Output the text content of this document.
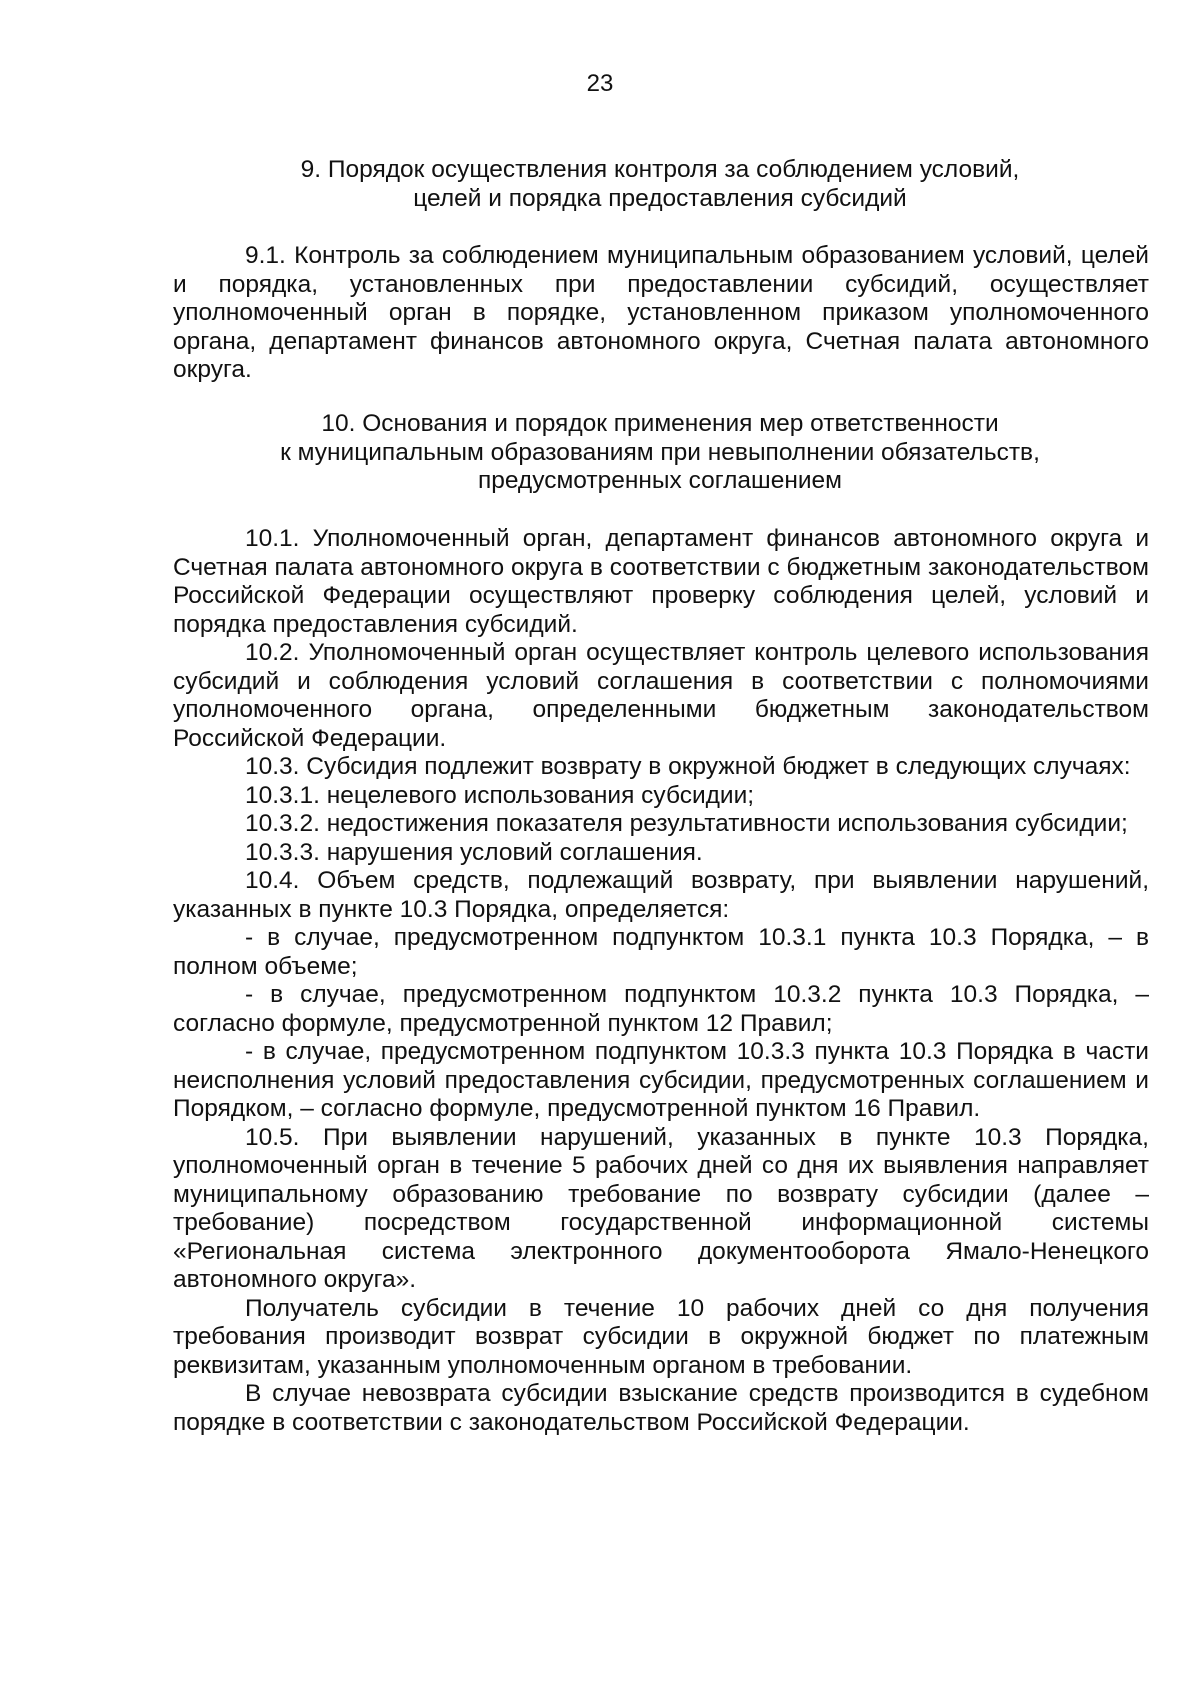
23
9. Порядок осуществления контроля за соблюдением условий,
целей и порядка предоставления субсидий

9.1. Контроль за соблюдением муниципальным образованием условий, целей и порядка, установленных при предоставлении субсидий, осуществляет уполномоченный орган в порядке, установленном приказом уполномоченного органа, департамент финансов автономного округа, Счетная палата автономного округа.

10. Основания и порядок применения мер ответственности
к муниципальным образованиям при невыполнении обязательств,
предусмотренных соглашением

10.1. Уполномоченный орган, департамент финансов автономного округа и Счетная палата автономного округа в соответствии с бюджетным законодательством Российской Федерации осуществляют проверку соблюдения целей, условий и порядка предоставления субсидий.

10.2. Уполномоченный орган осуществляет контроль целевого использования субсидий и соблюдения условий соглашения в соответствии с полномочиями уполномоченного органа, определенными бюджетным законодательством Российской Федерации.

10.3. Субсидия подлежит возврату в окружной бюджет в следующих случаях:

10.3.1. нецелевого использования субсидии;

10.3.2. недостижения показателя результативности использования субсидии;

10.3.3. нарушения условий соглашения.

10.4. Объем средств, подлежащий возврату, при выявлении нарушений, указанных в пункте 10.3 Порядка, определяется:

- в случае, предусмотренном подпунктом 10.3.1 пункта 10.3 Порядка, – в полном объеме;

- в случае, предусмотренном подпунктом 10.3.2 пункта 10.3 Порядка, – согласно формуле, предусмотренной пунктом 12 Правил;

- в случае, предусмотренном подпунктом 10.3.3 пункта 10.3 Порядка в части неисполнения условий предоставления субсидии, предусмотренных соглашением и Порядком, – согласно формуле, предусмотренной пунктом 16 Правил.

10.5. При выявлении нарушений, указанных в пункте 10.3 Порядка, уполномоченный орган в течение 5 рабочих дней со дня их выявления направляет муниципальному образованию требование по возврату субсидии (далее – требование) посредством государственной информационной системы «Региональная система электронного документооборота Ямало-Ненецкого автономного округа».

Получатель субсидии в течение 10 рабочих дней со дня получения требования производит возврат субсидии в окружной бюджет по платежным реквизитам, указанным уполномоченным органом в требовании.

В случае невозврата субсидии взыскание средств производится в судебном порядке в соответствии с законодательством Российской Федерации.
